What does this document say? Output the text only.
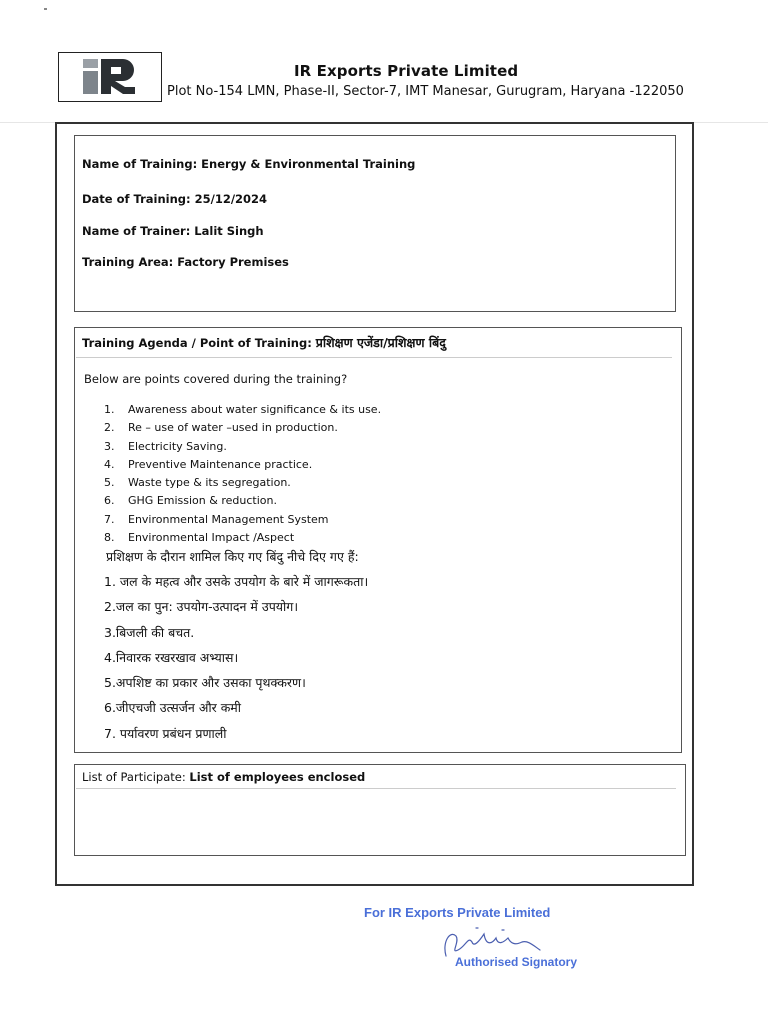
IR Exports Private Limited
Plot No-154 LMN, Phase-II, Sector-7, IMT Manesar, Gurugram, Haryana -122050
Name of Training: Energy & Environmental Training
Date of Training: 25/12/2024
Name of Trainer: Lalit Singh
Training Area: Factory Premises
Training Agenda / Point of Training: प्रशिक्षण एजेंडा/प्रशिक्षण बिंदु
Below are points covered during the training?
1. Awareness about water significance & its use.
2. Re – use of water –used in production.
3. Electricity Saving.
4. Preventive Maintenance practice.
5. Waste type & its segregation.
6. GHG Emission & reduction.
7. Environmental Management System
8. Environmental Impact /Aspect
प्रशिक्षण के दौरान शामिल किए गए बिंदु नीचे दिए गए हैं:
1. जल के महत्व और उसके उपयोग के बारे में जागरूकता।
2.जल का पुन: उपयोग-उत्पादन में उपयोग।
3.बिजली की बचत.
4.निवारक रखरखाव अभ्यास।
5.अपशिष्ट का प्रकार और उसका पृथक्करण।
6.जीएचजी उत्सर्जन और कमी
7. पर्यावरण प्रबंधन प्रणाली
List of Participate: List of employees enclosed
For IR Exports Private Limited
Authorised Signatory
